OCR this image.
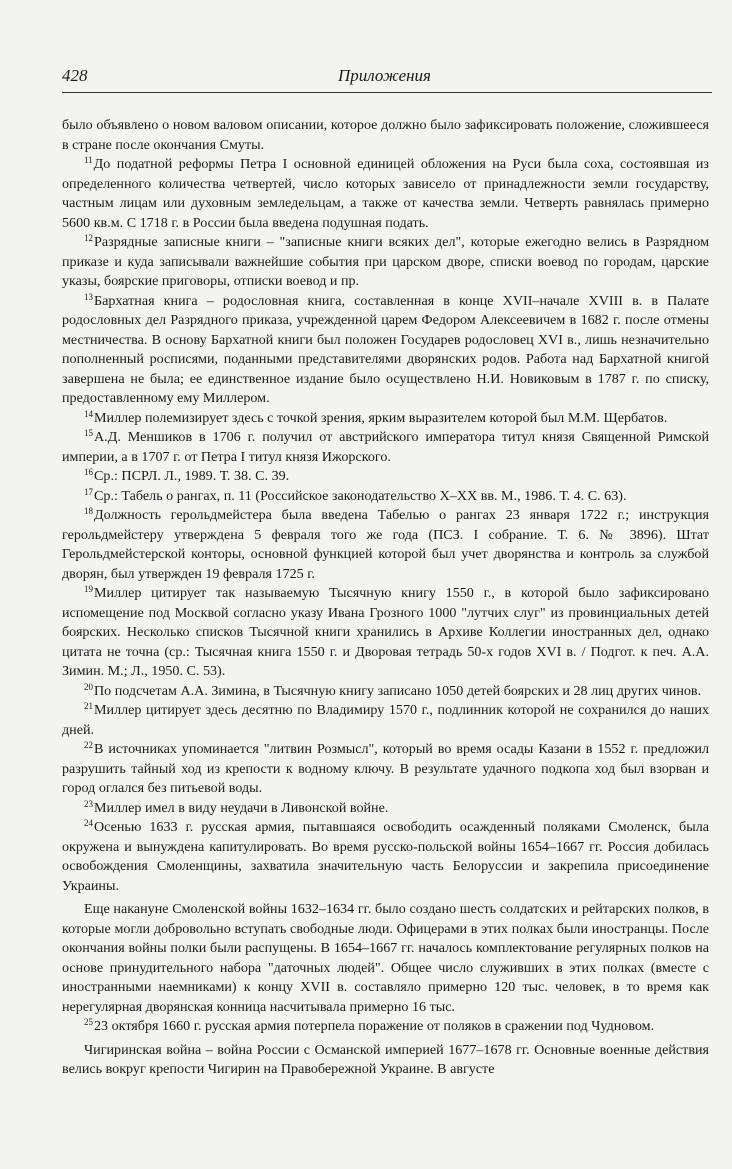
428	Приложения

было объявлено о новом валовом описании, которое должно было зафиксировать положение, сложившееся в стране после окончания Смуты.

$^{11}$До податной реформы Петра I основной единицей обложения на Руси была соха, состоявшая из определенного количества четвертей, число которых зависело от принадлежности земли государству, частным лицам или духовным земледельцам, а также от качества земли. Четверть равнялась примерно 5600 кв.м. С 1718 г. в России была введена подушная подать.

$^{12}$Разрядные записные книги – "записные книги всяких дел", которые ежегодно велись в Разрядном приказе и куда записывали важнейшие события при царском дворе, списки воевод по городам, царские указы, боярские приговоры, отписки воевод и пр.

$^{13}$Бархатная книга – родословная книга, составленная в конце XVII–начале XVIII в. в Палате родословных дел Разрядного приказа, учрежденной царем Федором Алексеевичем в 1682 г. после отмены местничества. В основу Бархатной книги был положен Государев родословец XVI в., лишь незначительно пополненный росписями, поданными представителями дворянских родов. Работа над Бархатной книгой завершена не была; ее единственное издание было осуществлено Н.И. Новиковым в 1787 г. по списку, предоставленному ему Миллером.

$^{14}$Миллер полемизирует здесь с точкой зрения, ярким выразителем которой был М.М. Щербатов.

$^{15}$А.Д. Меншиков в 1706 г. получил от австрийского императора титул князя Священной Римской империи, а в 1707 г. от Петра I титул князя Ижорского.

$^{16}$Ср.: ПСРЛ. Л., 1989. Т. 38. С. 39.

$^{17}$Ср.: Табель о рангах, п. 11 (Российское законодательство X–XX вв. М., 1986. Т. 4. С. 63).

$^{18}$Должность герольдмейстера была введена Табелью о рангах 23 января 1722 г.; инструкция герольдмейстеру утверждена 5 февраля того же года (ПСЗ. I собрание. Т. 6. № 3896). Штат Герольдмейстерской конторы, основной функцией которой был учет дворянства и контроль за службой дворян, был утвержден 19 февраля 1725 г.

$^{19}$Миллер цитирует так называемую Тысячную книгу 1550 г., в которой было зафиксировано испомещение под Москвой согласно указу Ивана Грозного 1000 "лутчих слуг" из провинциальных детей боярских. Несколько списков Тысячной книги хранились в Архиве Коллегии иностранных дел, однако цитата не точна (ср.: Тысячная книга 1550 г. и Дворовая тетрадь 50-х годов XVI в. / Подгот. к печ. А.А. Зимин. М.; Л., 1950. С. 53).

$^{20}$По подсчетам А.А. Зимина, в Тысячную книгу записано 1050 детей боярских и 28 лиц других чинов.

$^{21}$Миллер цитирует здесь десятню по Владимиру 1570 г., подлинник которой не сохранился до наших дней.

$^{22}$В источниках упоминается "литвин Розмысл", который во время осады Казани в 1552 г. предложил разрушить тайный ход из крепости к водному ключу. В результате удачного подкопа ход был взорван и город оглался без питьевой воды.

$^{23}$Миллер имел в виду неудачи в Ливонской войне.

$^{24}$Осенью 1633 г. русская армия, пытавшаяся освободить осажденный поляками Смоленск, была окружена и вынуждена капитулировать. Во время русско-польской войны 1654–1667 гг. Россия добилась освобождения Смоленщины, захватила значительную часть Белоруссии и закрепила присоединение Украины.

Еще накануне Смоленской войны 1632–1634 гг. было создано шесть солдатских и рейтарских полков, в которые могли добровольно вступать свободные люди. Офицерами в этих полках были иностранцы. После окончания войны полки были распущены. В 1654–1667 гг. началось комплектование регулярных полков на основе принудительного набора "даточных людей". Общее число служивших в этих полках (вместе с иностранными наемниками) к концу XVII в. составляло примерно 120 тыс. человек, в то время как нерегулярная дворянская конница насчитывала примерно 16 тыс.

$^{25}$23 октября 1660 г. русская армия потерпела поражение от поляков в сражении под Чудновом.

Чигиринская война – война России с Османской империей 1677–1678 гг. Основные военные действия велись вокруг крепости Чигирин на Правобережной Украине. В августе
